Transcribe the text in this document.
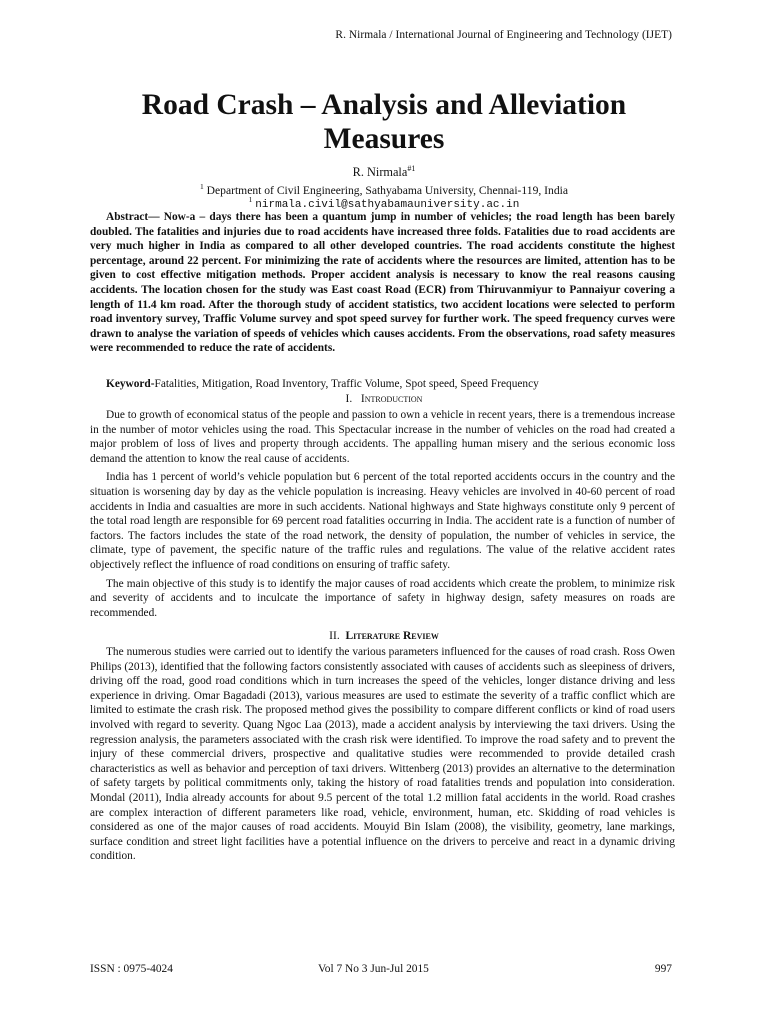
R. Nirmala / International Journal of Engineering and Technology (IJET)
Road Crash – Analysis and Alleviation
Measures
R. Nirmala$^{\#1}$
$^1$ Department of Civil Engineering, Sathyabama University, Chennai-119, India
$^1$ nirmala.civil@sathyabamauniversity.ac.in

Abstract— Now-a – days there has been a quantum jump in number of vehicles; the road length has been barely doubled. The fatalities and injuries due to road accidents have increased three folds. Fatalities due to road accidents are very much higher in India as compared to all other developed countries. The road accidents constitute the highest percentage, around 22 percent. For minimizing the rate of accidents where the resources are limited, attention has to be given to cost effective mitigation methods. Proper accident analysis is necessary to know the real reasons causing accidents. The location chosen for the study was East coast Road (ECR) from Thiruvanmiyur to Pannaiyur covering a length of 11.4 km road. After the thorough study of accident statistics, two accident locations were selected to perform road inventory survey, Traffic Volume survey and spot speed survey for further work. The speed frequency curves were drawn to analyse the variation of speeds of vehicles which causes accidents. From the observations, road safety measures were recommended to reduce the rate of accidents.

Keyword-Fatalities, Mitigation, Road Inventory, Traffic Volume, Spot speed, Speed Frequency

I. Introduction

Due to growth of economical status of the people and passion to own a vehicle in recent years, there is a tremendous increase in the number of motor vehicles using the road. This Spectacular increase in the number of vehicles on the road had created a major problem of loss of lives and property through accidents. The appalling human misery and the serious economic loss demand the attention to know the real cause of accidents.

India has 1 percent of world’s vehicle population but 6 percent of the total reported accidents occurs in the country and the situation is worsening day by day as the vehicle population is increasing. Heavy vehicles are involved in 40-60 percent of road accidents in India and casualties are more in such accidents. National highways and State highways constitute only 9 percent of the total road length are responsible for 69 percent road fatalities occurring in India. The accident rate is a function of number of factors. The factors includes the state of the road network, the density of population, the number of vehicles in service, the climate, type of pavement, the specific nature of the traffic rules and regulations. The value of the relative accident rates objectively reflect the influence of road conditions on ensuring of traffic safety.

The main objective of this study is to identify the major causes of road accidents which create the problem, to minimize risk and severity of accidents and to inculcate the importance of safety in highway design, safety measures on roads are recommended.

II. Literature Review

The numerous studies were carried out to identify the various parameters influenced for the causes of road crash. Ross Owen Philips (2013), identified that the following factors consistently associated with causes of accidents such as sleepiness of drivers, driving off the road, good road conditions which in turn increases the speed of the vehicles, longer distance driving and less experience in driving. Omar Bagadadi (2013), various measures are used to estimate the severity of a traffic conflict which are limited to estimate the crash risk. The proposed method gives the possibility to compare different conflicts or kind of road users involved with regard to severity. Quang Ngoc Laa (2013), made a accident analysis by interviewing the taxi drivers. Using the regression analysis, the parameters associated with the crash risk were identified. To improve the road safety and to prevent the injury of these commercial drivers, prospective and qualitative studies were recommended to provide detailed crash characteristics as well as behavior and perception of taxi drivers. Wittenberg (2013) provides an alternative to the determination of safety targets by political commitments only, taking the history of road fatalities trends and population into consideration. Mondal (2011), India already accounts for about 9.5 percent of the total 1.2 million fatal accidents in the world. Road crashes are complex interaction of different parameters like road, vehicle, environment, human, etc. Skidding of road vehicles is considered as one of the major causes of road accidents. Mouyid Bin Islam (2008), the visibility, geometry, lane markings, surface condition and street light facilities have a potential influence on the drivers to perceive and react in a dynamic driving condition.

ISSN : 0975-4024	Vol 7 No 3 Jun-Jul 2015	997
